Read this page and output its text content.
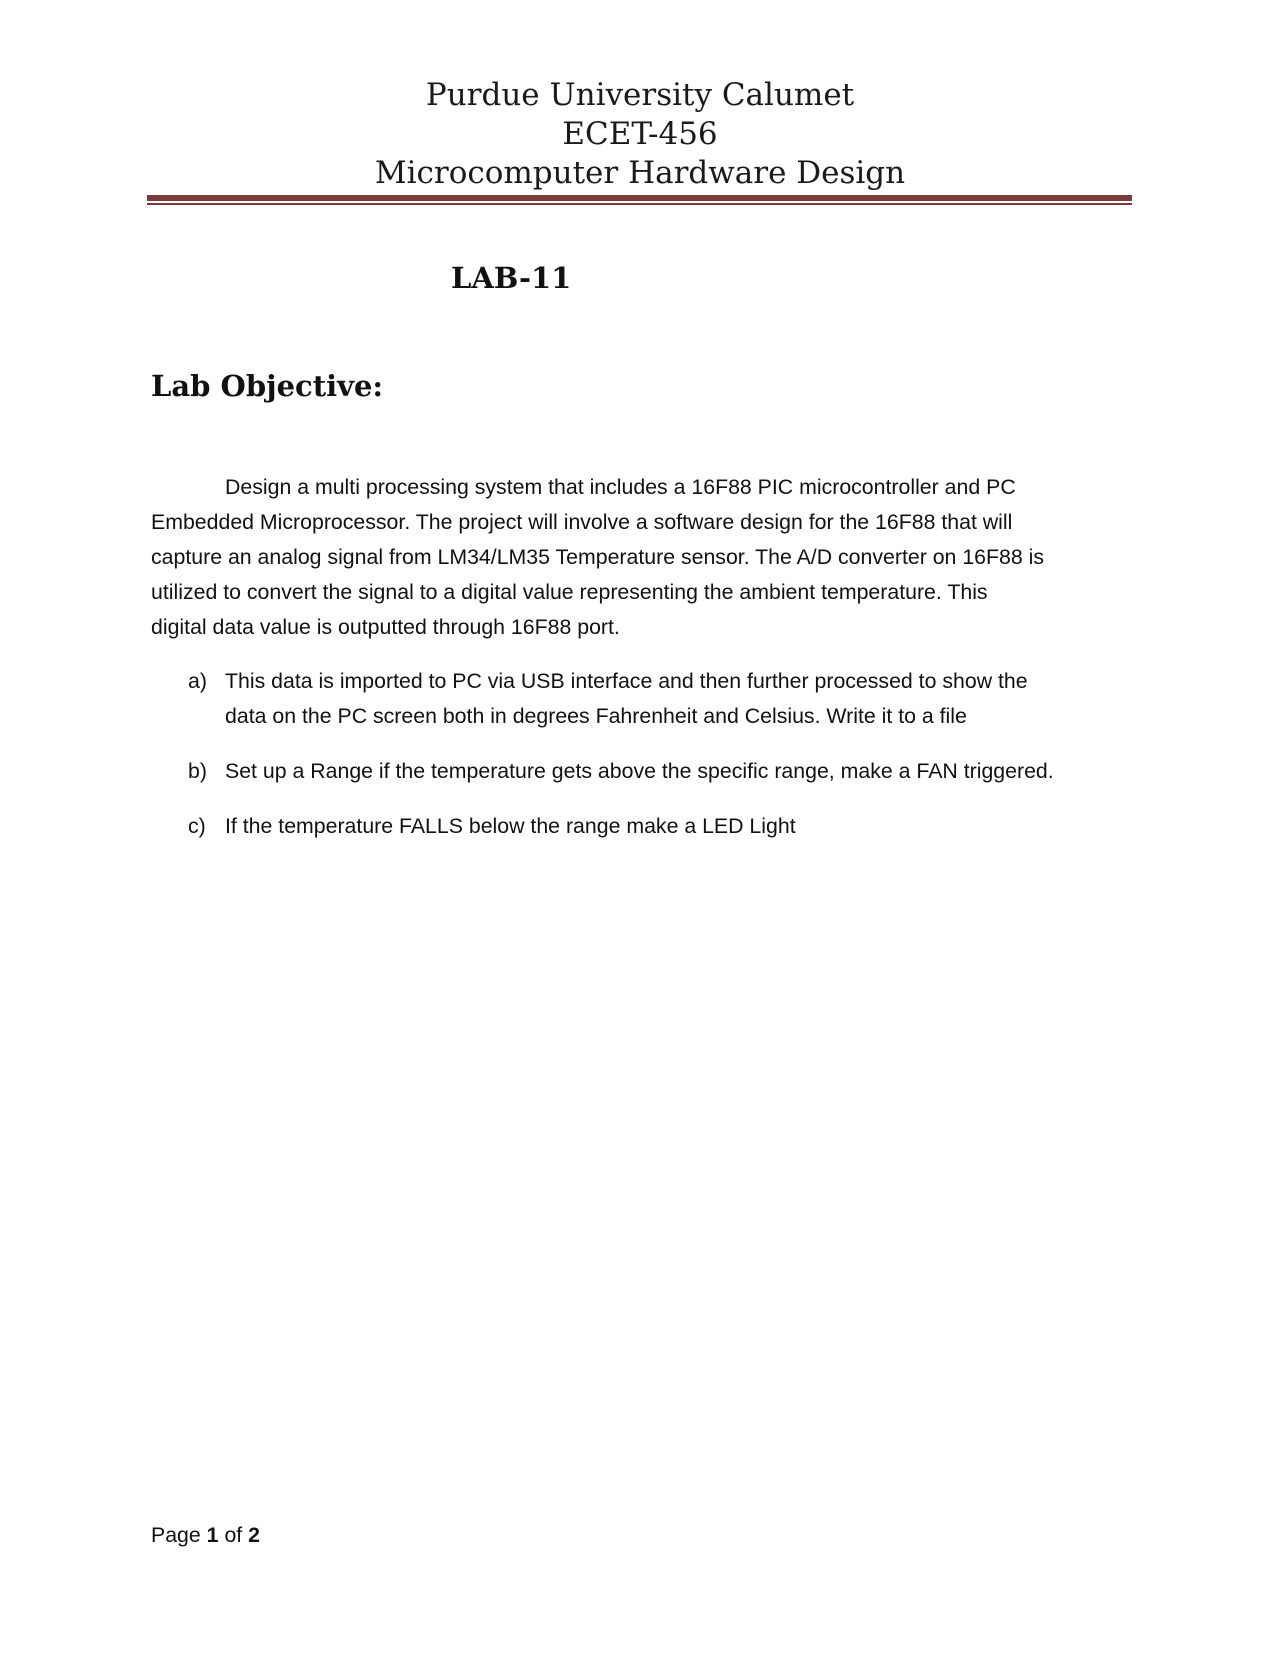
Purdue University Calumet
ECET-456
Microcomputer Hardware Design
LAB-11
Lab Objective:
Design a multi processing system that includes a 16F88 PIC microcontroller and PC
Embedded Microprocessor. The project will involve a software design for the 16F88 that will
capture an analog signal from LM34/LM35 Temperature sensor. The A/D converter on 16F88 is
utilized to convert the signal to a digital value representing the ambient temperature. This
digital data value is outputted through 16F88 port.
a) This data is imported to PC via USB interface and then further processed to show the
data on the PC screen both in degrees Fahrenheit and Celsius. Write it to a file
b) Set up a Range if the temperature gets above the specific range, make a FAN triggered.
c) If the temperature FALLS below the range make a LED Light
Page 1 of 2
